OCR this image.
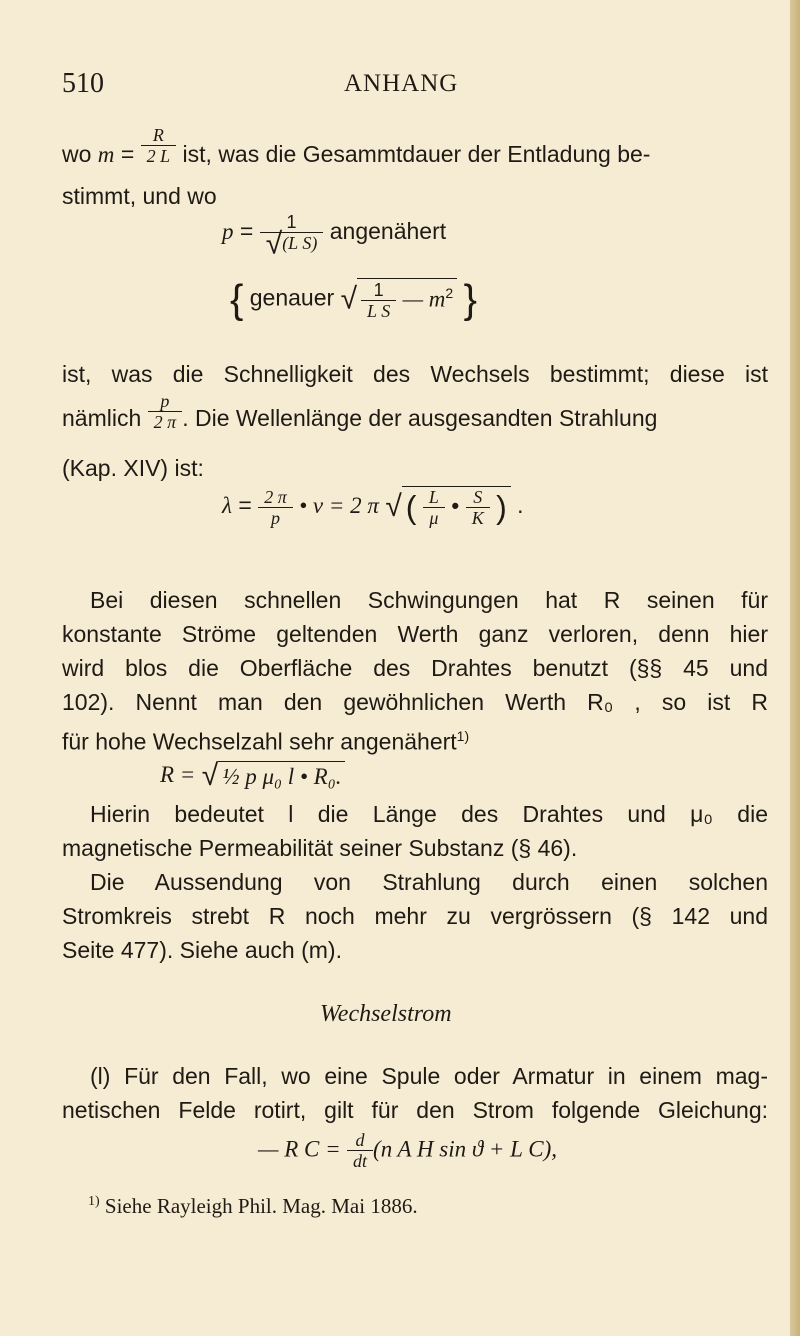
510	ANHANG
wo $m = \frac{R}{2 L}$ ist, was die Gesammtdauer der Entladung be-
stimmt, und wo
$p = \frac{1}{\text{√(L S)}}$ angenähert
{ genauer √ $\frac{1}{\text{L S}}$ — $m^2$ }
ist, was die Schnelligkeit des Wechsels bestimmt; diese ist
nämlich $\frac{p}{2 \pi}$ . Die Wellenlänge der ausgesandten Strahlung
(Kap. XIV) ist:
$\lambda = \frac{2 \pi}{p}$ • v = 2 π √ ( $\frac{L}{\mu}$ • $\frac{S}{K}$ ) .
Bei diesen schnellen Schwingungen hat R seinen für
konstante Ströme geltenden Werth ganz verloren, denn hier
wird blos die Oberfläche des Drahtes benutzt (§§ 45 und
102). Nennt man den gewöhnlichen Werth R₀ , so ist R
für hohe Wechselzahl sehr angenähert$^{1)}$
R = √ ½ p μ₀ l • R₀.
Hierin bedeutet l die Länge des Drahtes und μ₀ die
magnetische Permeabilität seiner Substanz (§ 46).
Die Aussendung von Strahlung durch einen solchen
Stromkreis strebt R noch mehr zu vergrössern (§ 142 und
Seite 477). Siehe auch (m).
Wechselstrom
(l) Für den Fall, wo eine Spule oder Armatur in einem mag-
netischen Felde rotirt, gilt für den Strom folgende Gleichung:
— R $C = \frac{d}{dt} (n$ A H sin ϑ + L C),
$^{1)}$ Siehe Rayleigh Phil. Mag. Mai 1886.
